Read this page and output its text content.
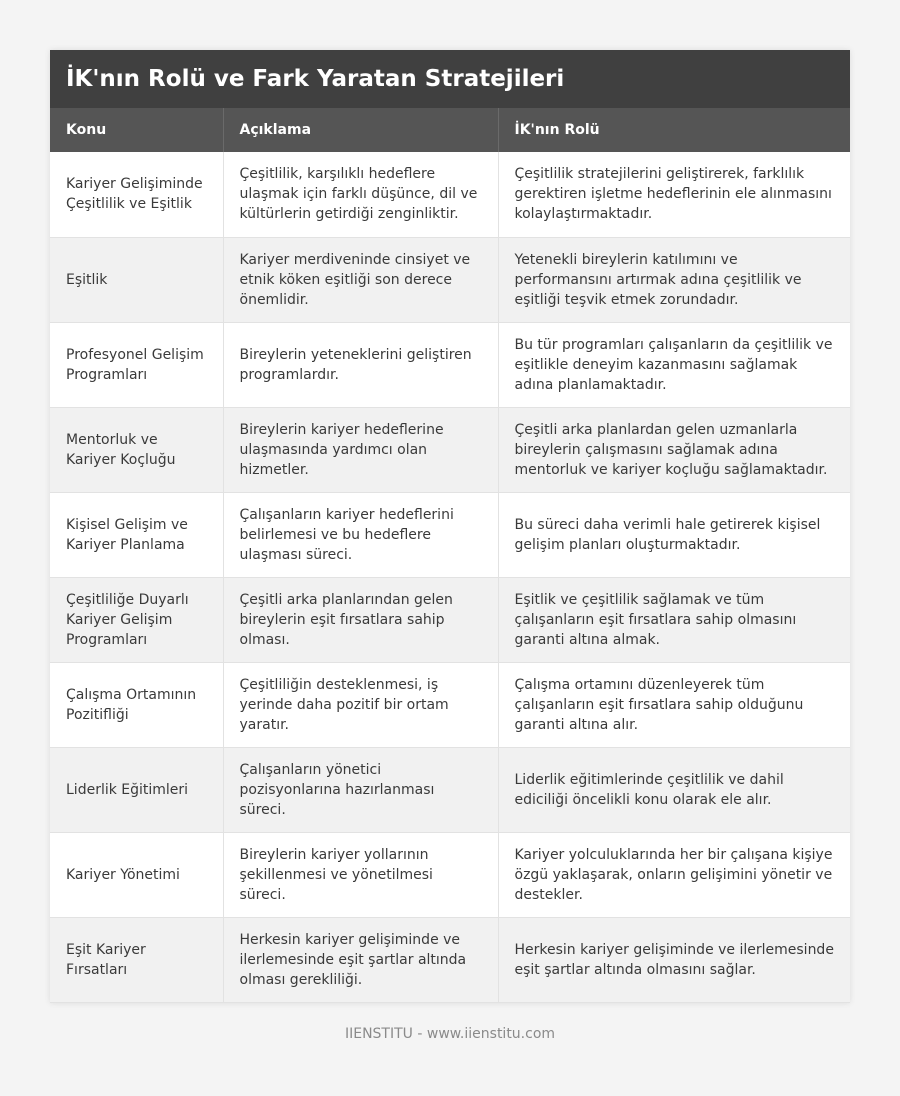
İK'nın Rolü ve Fark Yaratan Stratejileri
Konu	Açıklama	İK'nın Rolü
Kariyer Gelişiminde Çeşitlilik ve Eşitlik	Çeşitlilik, karşılıklı hedeflere ulaşmak için farklı düşünce, dil ve kültürlerin getirdiği zenginliktir.	Çeşitlilik stratejilerini geliştirerek, farklılık gerektiren işletme hedeflerinin ele alınmasını kolaylaştırmaktadır.
Eşitlik	Kariyer merdiveninde cinsiyet ve etnik köken eşitliği son derece önemlidir.	Yetenekli bireylerin katılımını ve performansını artırmak adına çeşitlilik ve eşitliği teşvik etmek zorundadır.
Profesyonel Gelişim Programları	Bireylerin yeteneklerini geliştiren programlardır.	Bu tür programları çalışanların da çeşitlilik ve eşitlikle deneyim kazanmasını sağlamak adına planlamaktadır.
Mentorluk ve Kariyer Koçluğu	Bireylerin kariyer hedeflerine ulaşmasında yardımcı olan hizmetler.	Çeşitli arka planlardan gelen uzmanlarla bireylerin çalışmasını sağlamak adına mentorluk ve kariyer koçluğu sağlamaktadır.
Kişisel Gelişim ve Kariyer Planlama	Çalışanların kariyer hedeflerini belirlemesi ve bu hedeflere ulaşması süreci.	Bu süreci daha verimli hale getirerek kişisel gelişim planları oluşturmaktadır.
Çeşitliliğe Duyarlı Kariyer Gelişim Programları	Çeşitli arka planlarından gelen bireylerin eşit fırsatlara sahip olması.	Eşitlik ve çeşitlilik sağlamak ve tüm çalışanların eşit fırsatlara sahip olmasını garanti altına almak.
Çalışma Ortamının Pozitifliği	Çeşitliliğin desteklenmesi, iş yerinde daha pozitif bir ortam yaratır.	Çalışma ortamını düzenleyerek tüm çalışanların eşit fırsatlara sahip olduğunu garanti altına alır.
Liderlik Eğitimleri	Çalışanların yönetici pozisyonlarına hazırlanması süreci.	Liderlik eğitimlerinde çeşitlilik ve dahil ediciliği öncelikli konu olarak ele alır.
Kariyer Yönetimi	Bireylerin kariyer yollarının şekillenmesi ve yönetilmesi süreci.	Kariyer yolculuklarında her bir çalışana kişiye özgü yaklaşarak, onların gelişimini yönetir ve destekler.
Eşit Kariyer Fırsatları	Herkesin kariyer gelişiminde ve ilerlemesinde eşit şartlar altında olması gerekliliği.	Herkesin kariyer gelişiminde ve ilerlemesinde eşit şartlar altında olmasını sağlar.
IIENSTITU - www.iienstitu.com
